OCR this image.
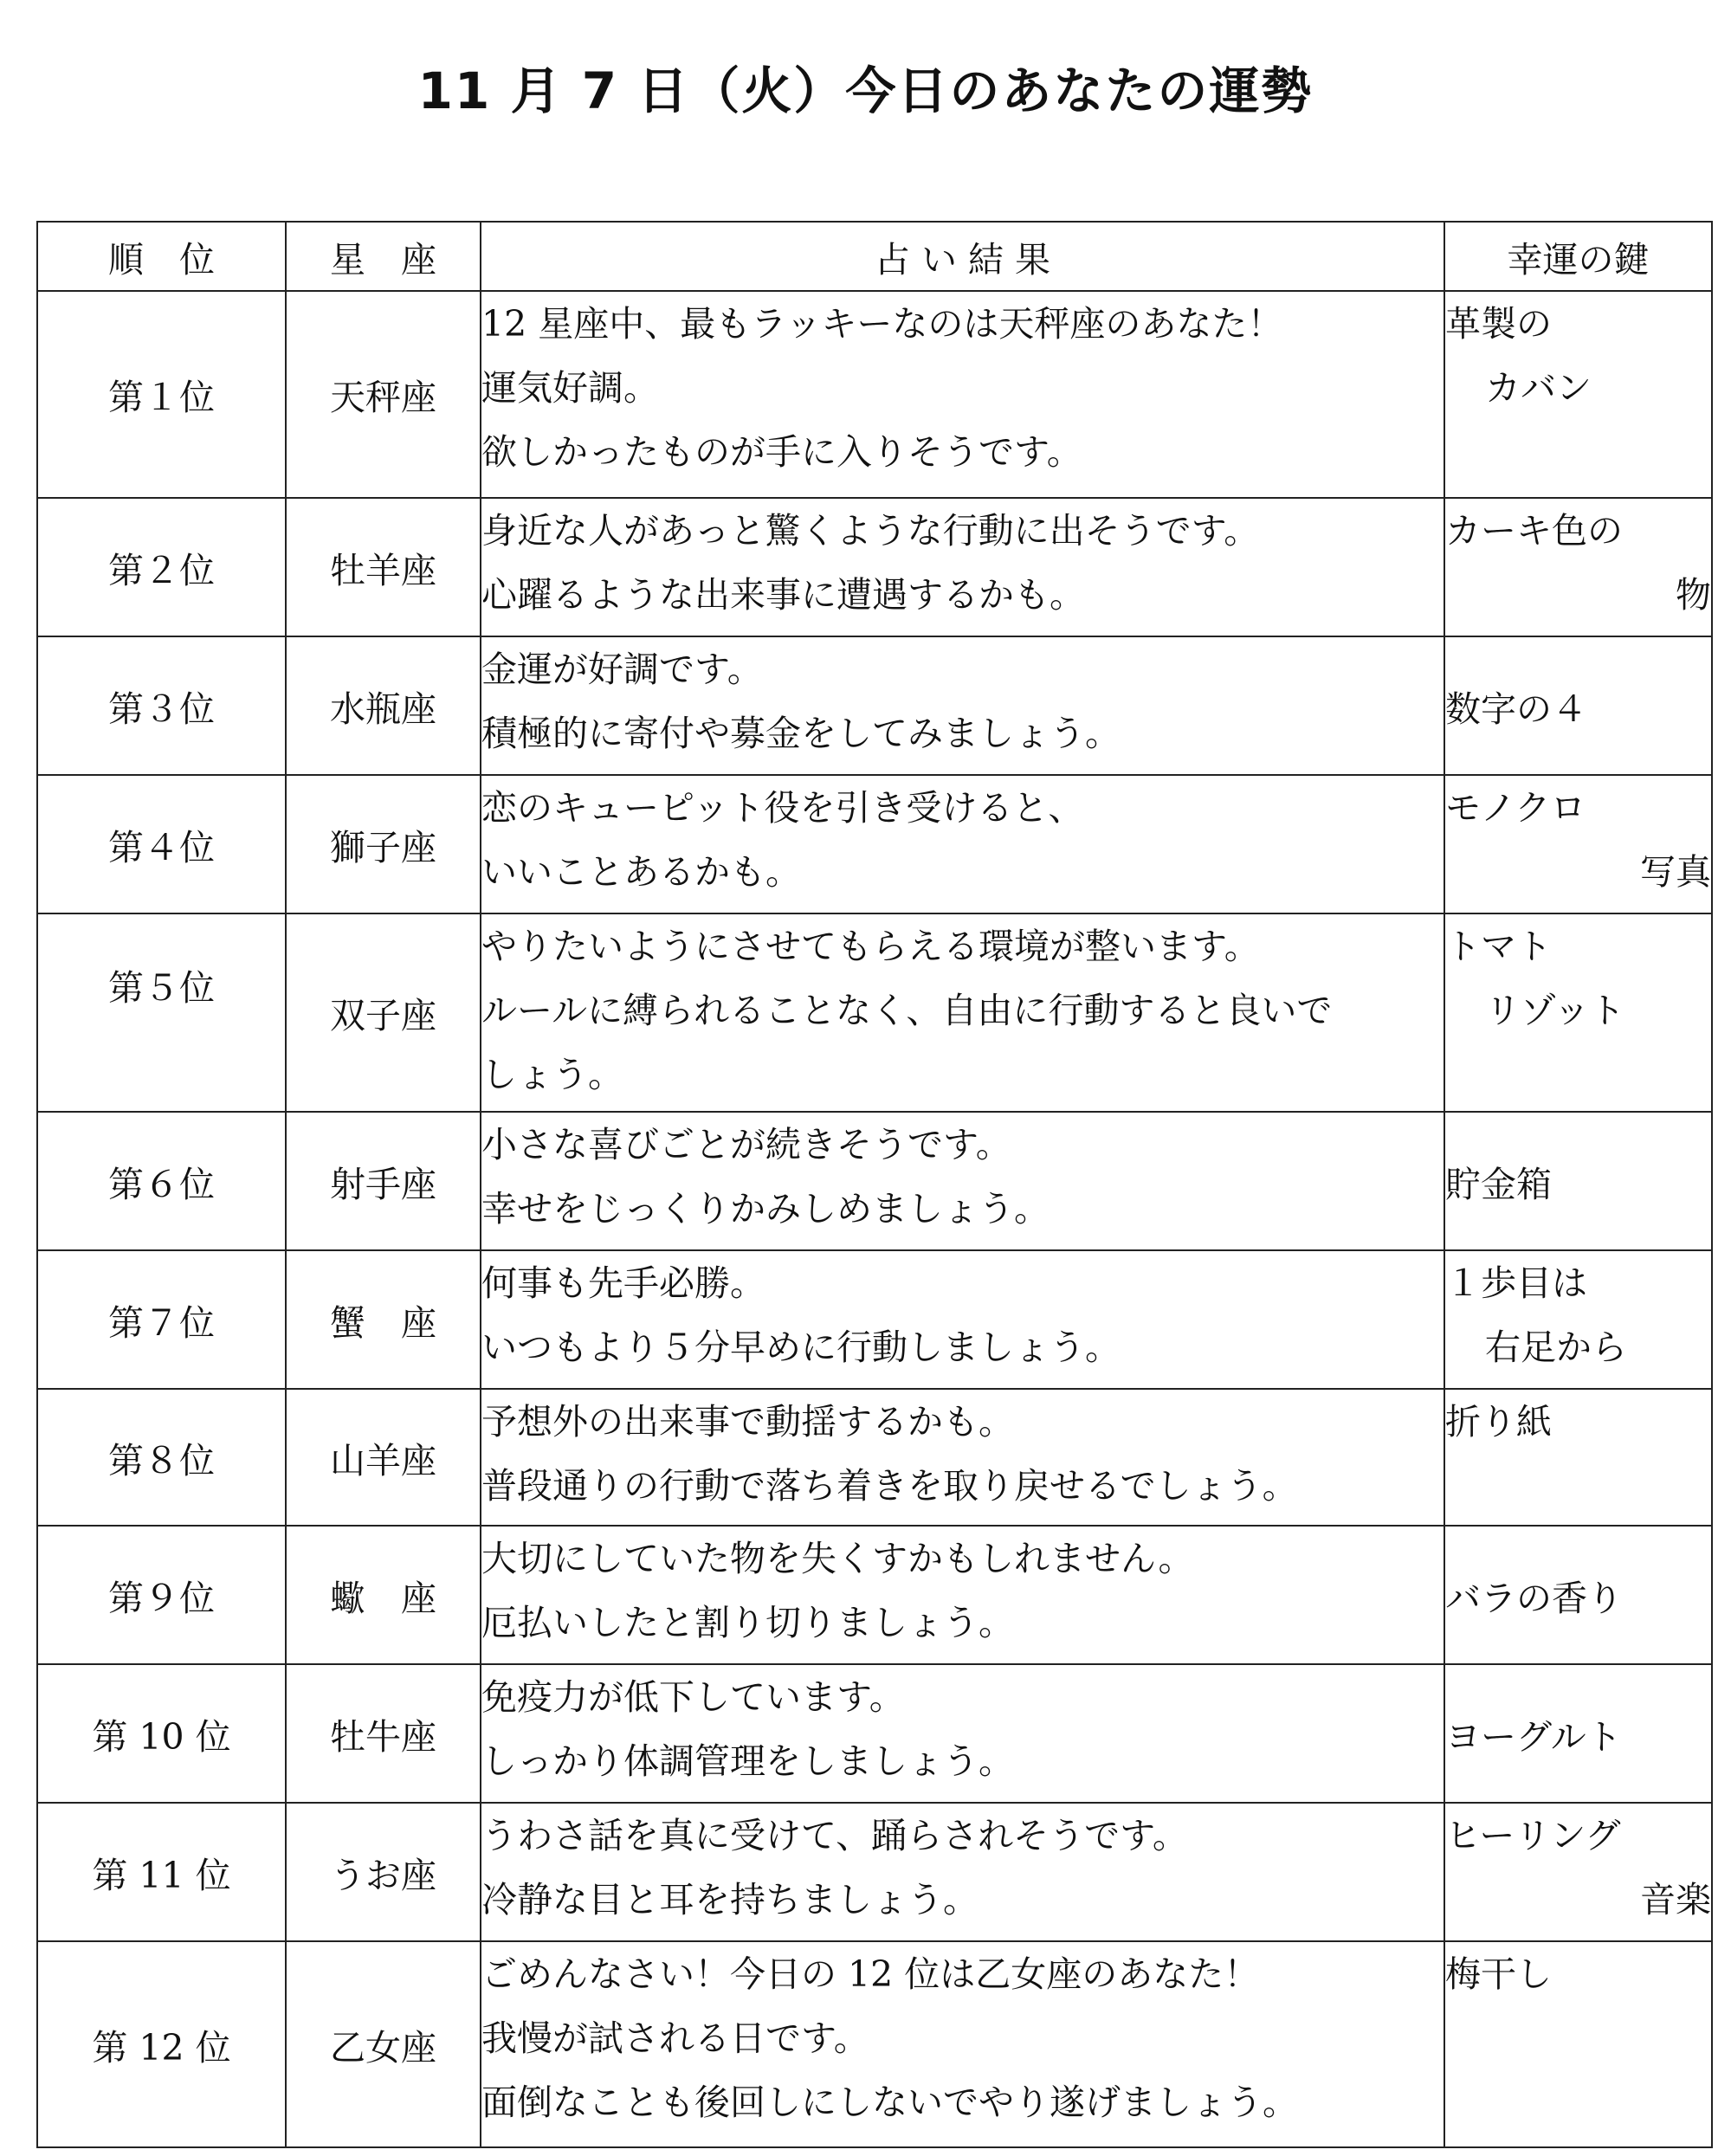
11 月 7 日（火）今日のあなたの運勢
順　位	星　座	占 い 結 果	幸運の鍵
第１位	天秤座	12 星座中、最もラッキーなのは天秤座のあなた！
運気好調。
欲しかったものが手に入りそうです。	革製の
カバン

第２位	牡羊座	身近な人があっと驚くような行動に出そうです。
心躍るような出来事に遭遇するかも。	カーキ色の
物

第３位	水瓶座	金運が好調です。
積極的に寄付や募金をしてみましょう。	数字の４

第４位	獅子座	恋のキューピット役を引き受けると、
いいことあるかも。	モノクロ
写真

第５位	双子座	やりたいようにさせてもらえる環境が整います。
ルールに縛られることなく、自由に行動すると良いで
しょう。	トマト
リゾット

第６位	射手座	小さな喜びごとが続きそうです。
幸せをじっくりかみしめましょう。	貯金箱

第７位	蟹　座	何事も先手必勝。
いつもより５分早めに行動しましょう。	１歩目は
右足から

第８位	山羊座	予想外の出来事で動揺するかも。
普段通りの行動で落ち着きを取り戻せるでしょう。	折り紙

第９位	蠍　座	大切にしていた物を失くすかもしれません。
厄払いしたと割り切りましょう。	バラの香り

第 10 位	牡牛座	免疫力が低下しています。
しっかり体調管理をしましょう。	ヨーグルト

第 11 位	うお座	うわさ話を真に受けて、踊らされそうです。
冷静な目と耳を持ちましょう。	ヒーリング
音楽

第 12 位	乙女座	ごめんなさい！今日の 12 位は乙女座のあなた！
我慢が試される日です。
面倒なことも後回しにしないでやり遂げましょう。	梅干し
